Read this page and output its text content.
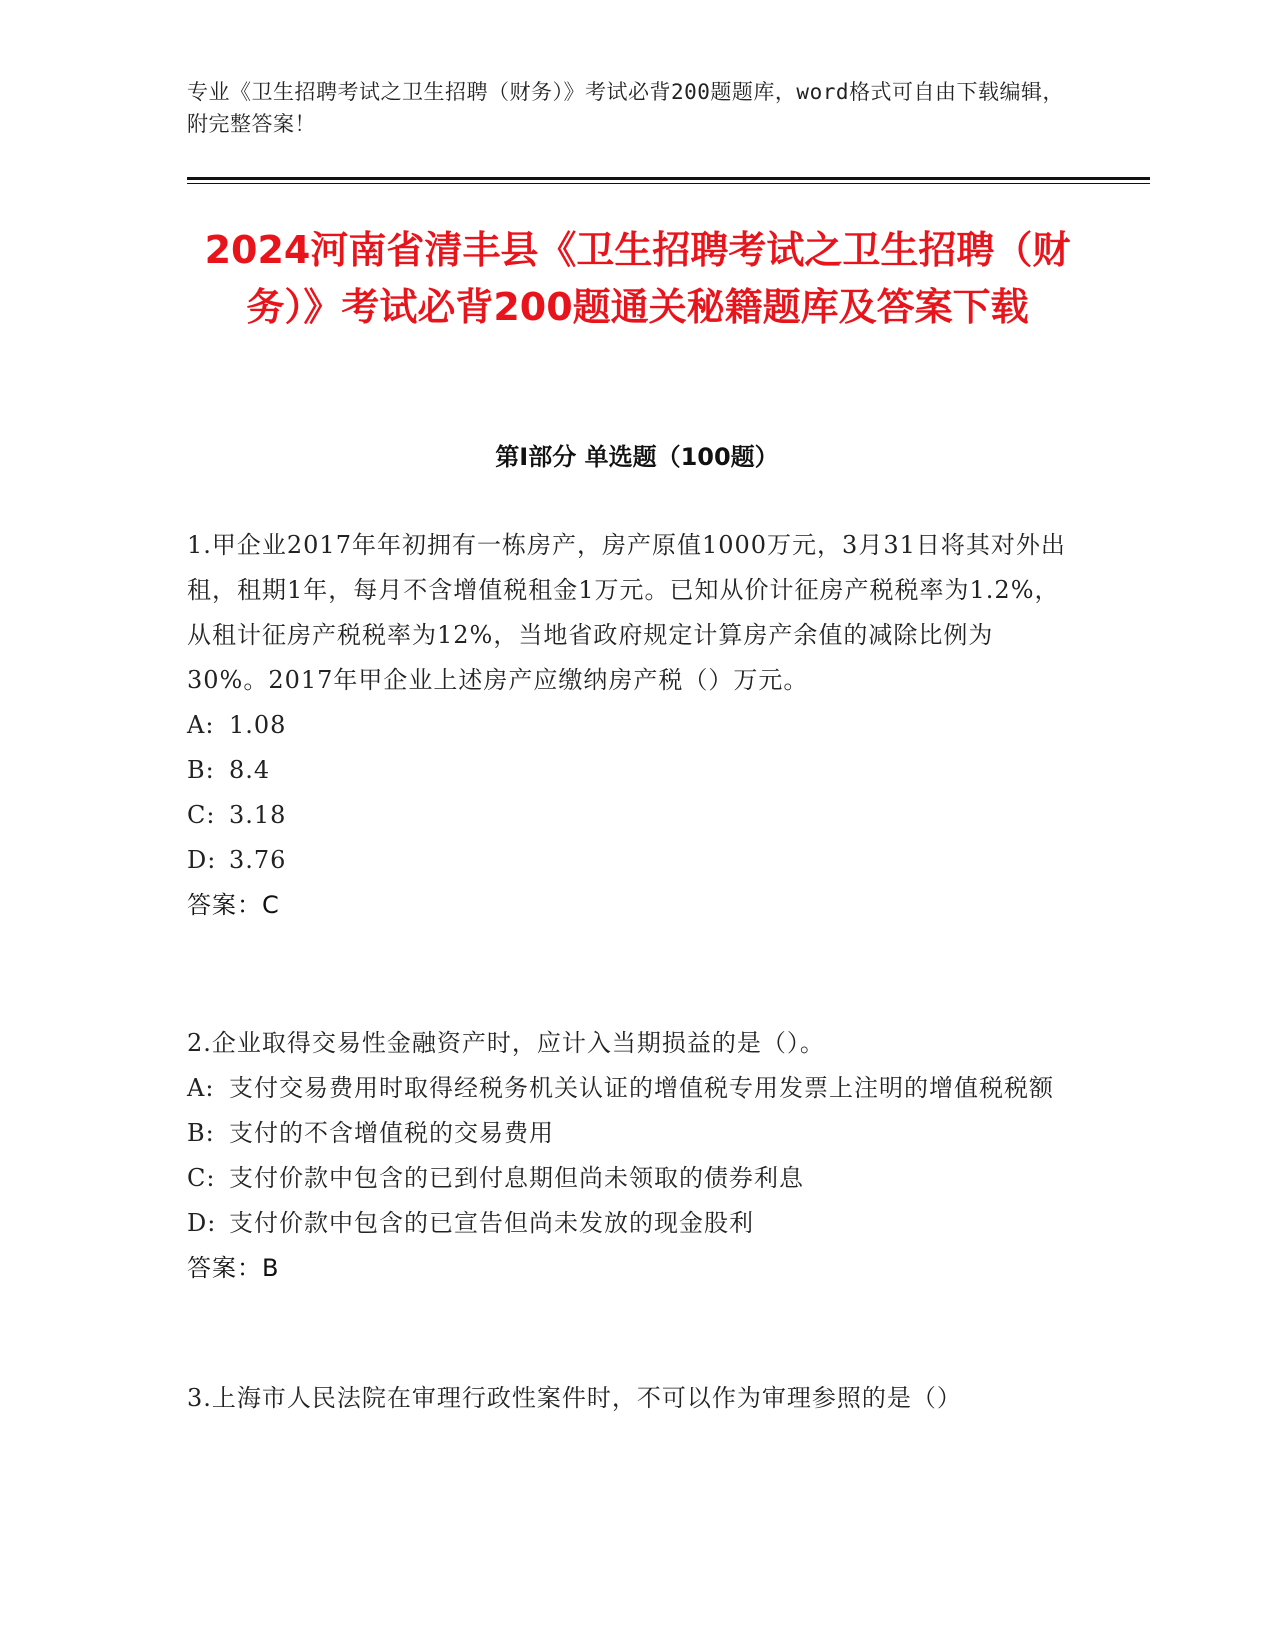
专业《卫生招聘考试之卫生招聘（财务）》考试必背200题题库，word格式可自由下载编辑，附完整答案！
2024河南省清丰县《卫生招聘考试之卫生招聘（财务）》考试必背200题通关秘籍题库及答案下载
第Ⅰ部分 单选题（100题）

1.甲企业2017年年初拥有一栋房产，房产原值1000万元，3月31日将其对外出租，租期1年，每月不含增值税租金1万元。已知从价计征房产税税率为1.2%，从租计征房产税税率为12%，当地省政府规定计算房产余值的减除比例为30%。2017年甲企业上述房产应缴纳房产税（）万元。

A: 1.08

B: 8.4

C: 3.18

D: 3.76

答案：C

2.企业取得交易性金融资产时，应计入当期损益的是（）。

A: 支付交易费用时取得经税务机关认证的增值税专用发票上注明的增值税税额

B: 支付的不含增值税的交易费用

C: 支付价款中包含的已到付息期但尚未领取的债券利息

D: 支付价款中包含的已宣告但尚未发放的现金股利

答案：B

3.上海市人民法院在审理行政性案件时，不可以作为审理参照的是（）
